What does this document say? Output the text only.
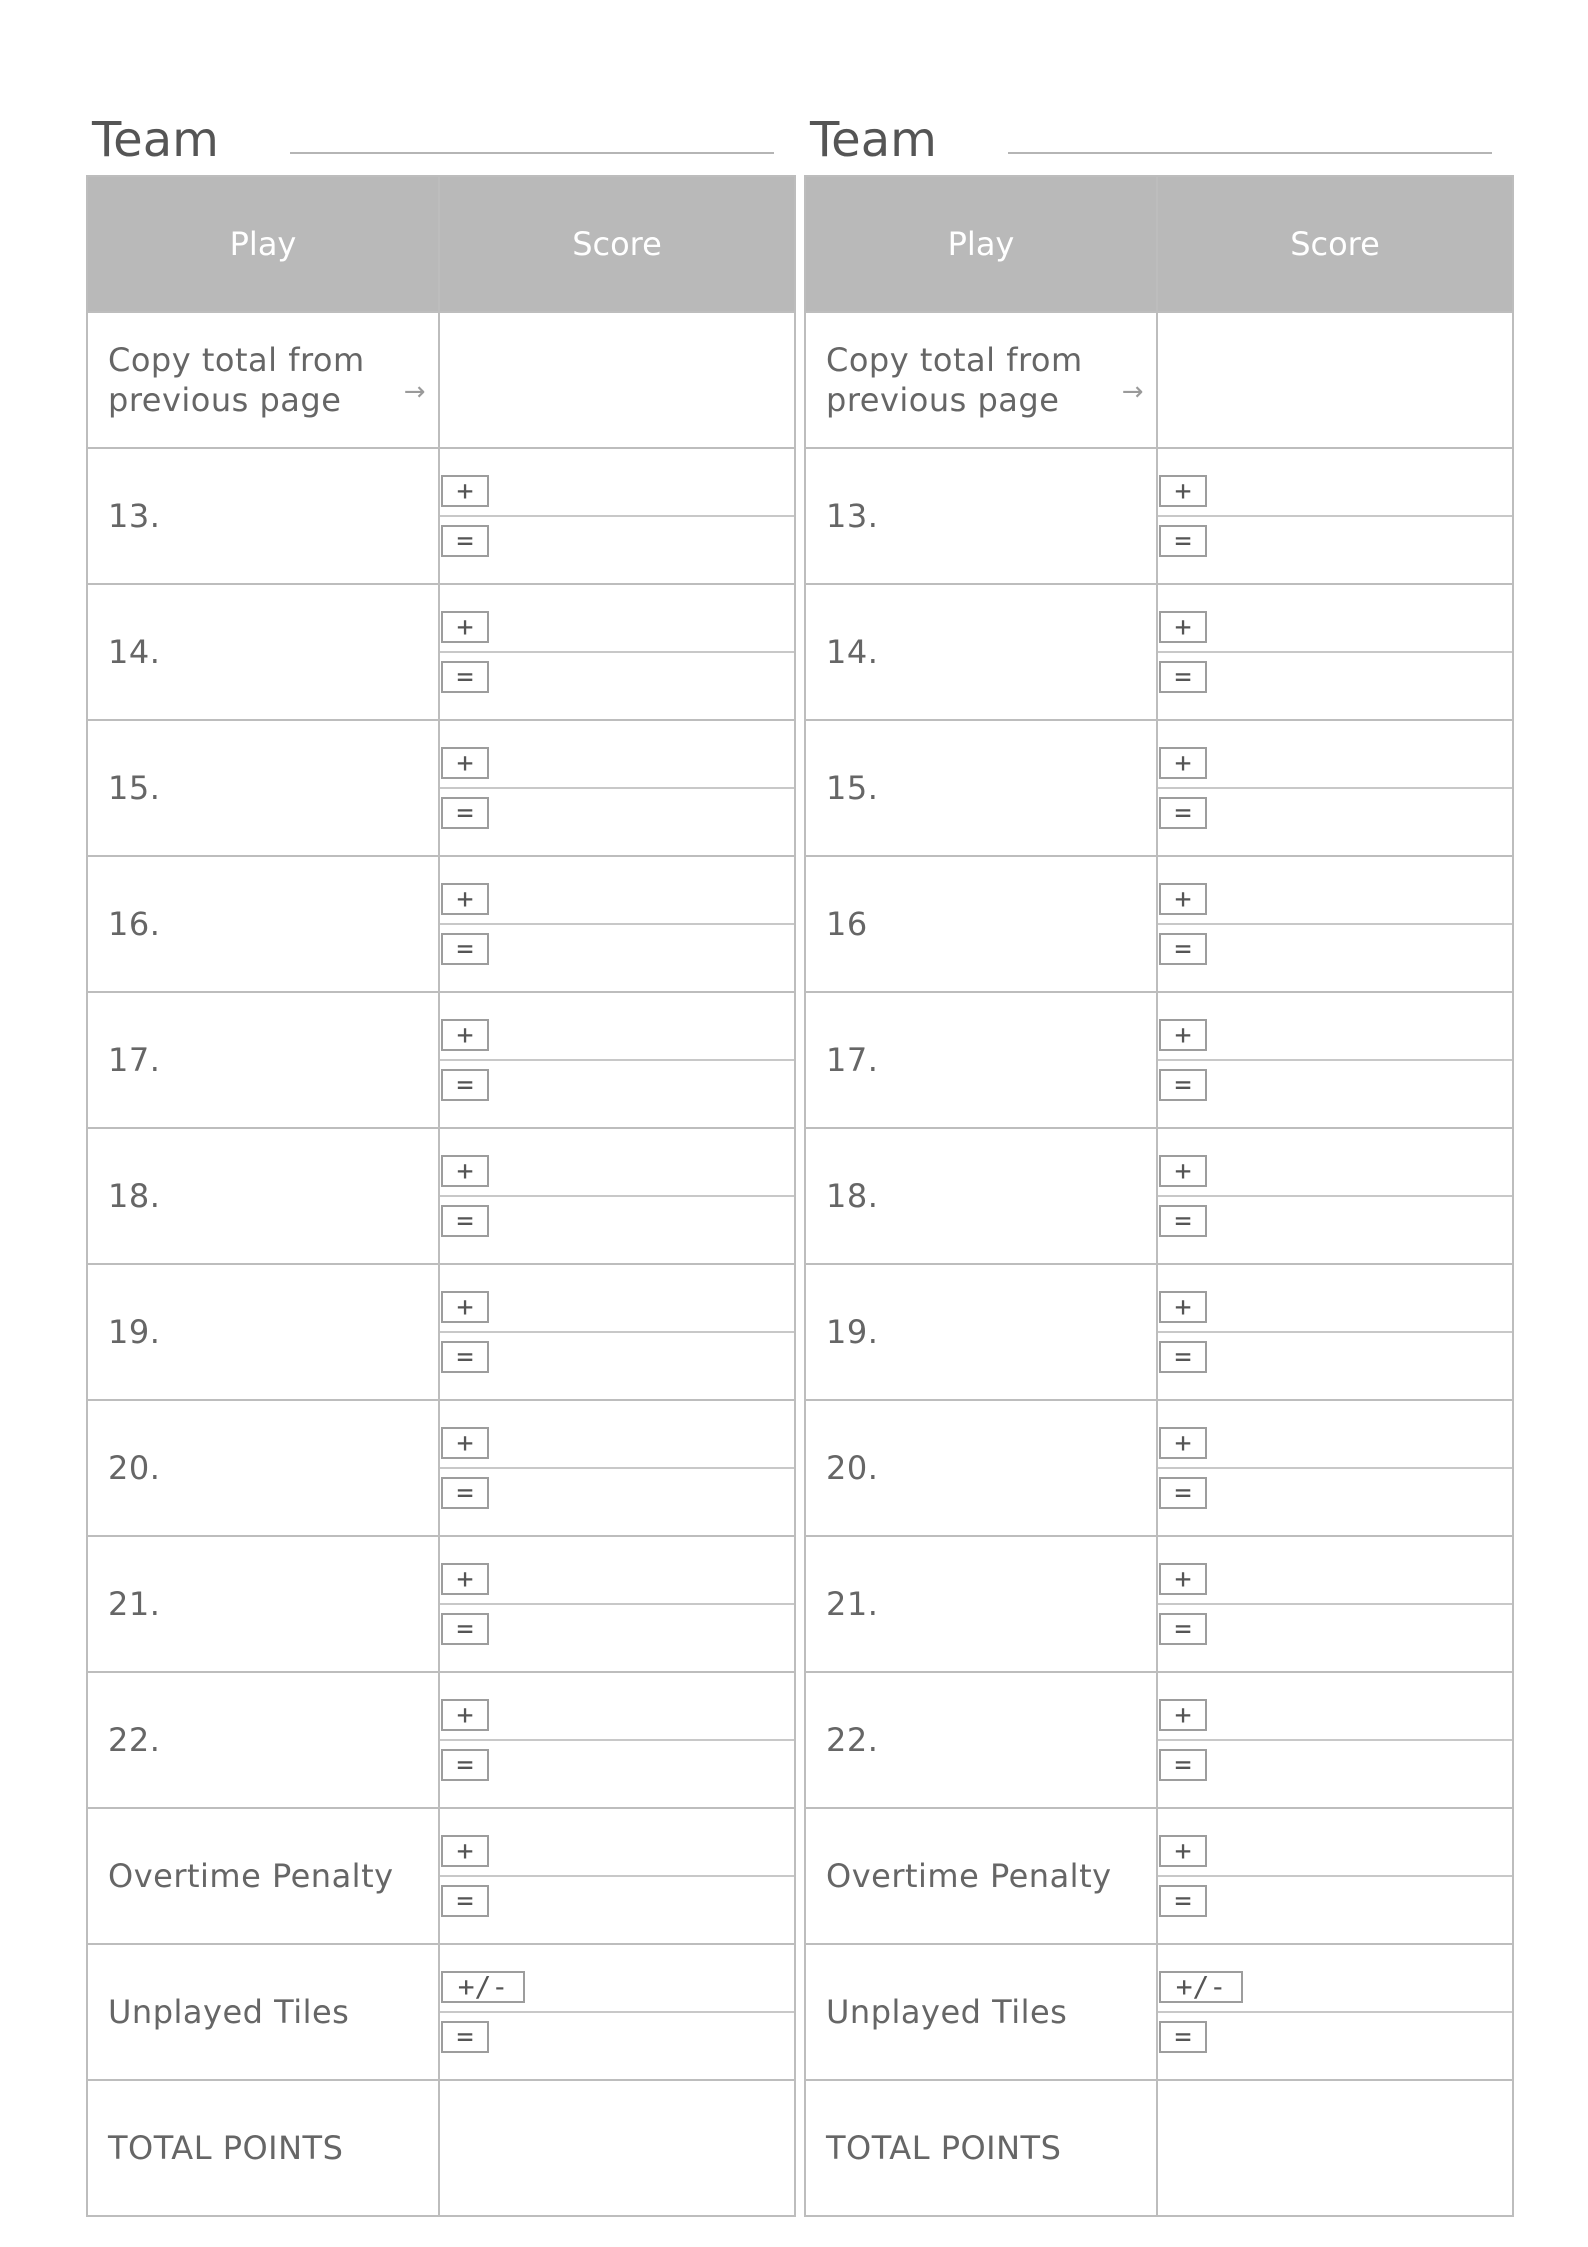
Team
Play	Score

Copy total from
previous page →	

13.	+
=

14.	+
=

15.	+
=

16.	+
=

17.	+
=

18.	+
=

19.	+
=

20.	+
=

21.	+
=

22.	+
=

Overtime Penalty	+
=

Unplayed Tiles	+/-
=

TOTAL POINTS	
Team
Play	Score

Copy total from
previous page →	

13.	+
=

14.	+
=

15.	+
=

16	+
=

17.	+
=

18.	+
=

19.	+
=

20.	+
=

21.	+
=

22.	+
=

Overtime Penalty	+
=

Unplayed Tiles	+/-
=

TOTAL POINTS	
